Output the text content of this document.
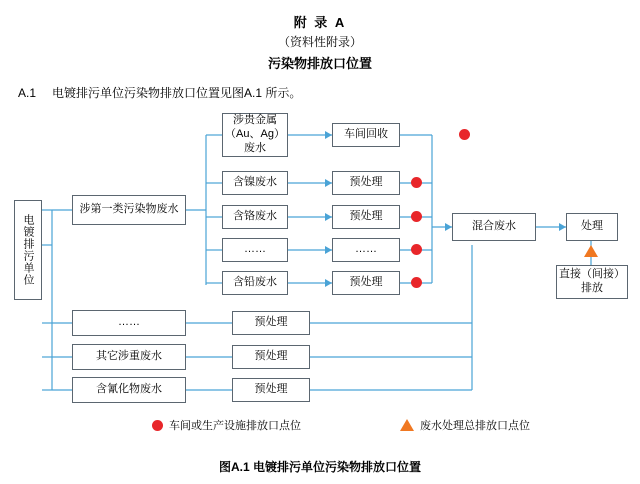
附 录 A
（资料性附录）
污染物排放口位置
A.1 电镀排污单位污染物排放口位置见图A.1 所示。
电镀排污单位
涉第一类污染物废水
……
其它涉重废水
含氰化物废水
涉贵金属（Au、Ag）废水
含镍废水
含铬废水
……
含铅废水
车间回收
预处理
预处理
……
预处理
预处理
预处理
预处理
混合废水	处理
直接（间接）排放
车间或生产设施排放口点位	废水处理总排放口点位
图A.1 电镀排污单位污染物排放口位置
